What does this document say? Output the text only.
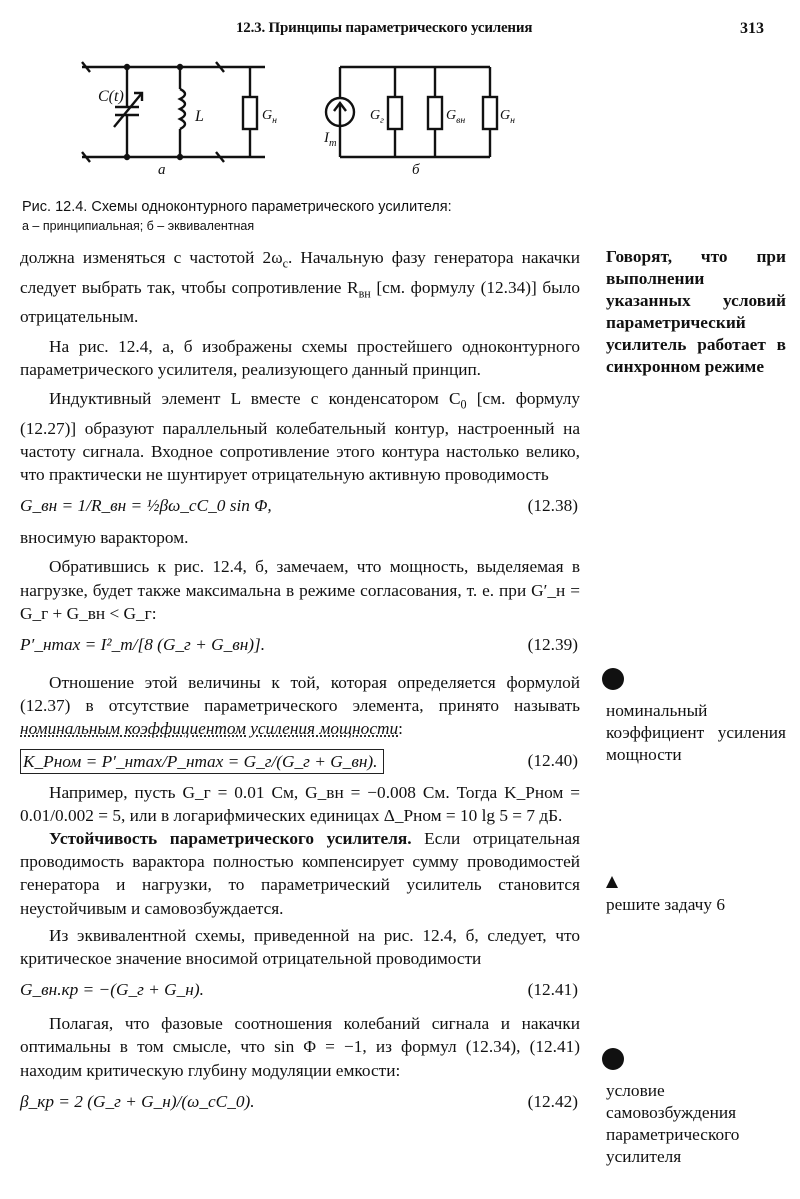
12.3. Принципы параметрического усиления	313
C(t)
L	$G_н$
a
$I_m$
$G_г$	$G_{вн}$ $G_н$
б
Рис. 12.4. Схемы одноконтурного параметрического усилителя:
а – принципиальная; б – эквивалентная

должна изменяться с частотой $2\omega_c$. Начальную фазу генератора накачки следует выбрать так, чтобы сопротивление $R_{вн}$ [см. формулу (12.34)] было отрицательным.

На рис. 12.4, а, б изображены схемы простейшего одноконтурного параметрического усилителя, реализующего данный принцип.

Индуктивный элемент L вместе с конденсатором $C_0$ [см. формулу (12.27)] образуют параллельный колебательный контур, настроенный на частоту сигнала. Входное сопротивление этого контура настолько велико, что практически не шунтирует отрицательную активную проводимость

G_вн = 1/R_вн = ½βω_cC_0 sin Φ,	(12.38)

вносимую варактором.

Обратившись к рис. 12.4, б, замечаем, что мощность, выделяемая в нагрузке, будет также максимальна в режиме согласования, т. е. при G′_н = G_г + G_вн < G_г:

P′_нmax = I²_m/[8 (G_г + G_вн)].	(12.39)

Отношение этой величины к той, которая определяется формулой (12.37) в отсутствие параметрического элемента, принято называть номинальным коэффициентом усиления мощности:

K_Pном = P′_нmax/P_нmax = G_г/(G_г + G_вн).	(12.40)

Например, пусть G_г = 0.01 См, G_вн = −0.008 См. Тогда K_Pном = 0.01/0.002 = 5, или в логарифмических единицах Δ_Pном = 10 lg 5 = 7 дБ.

Устойчивость параметрического усилителя. Если отрицательная проводимость варактора полностью компенсирует сумму проводимостей генератора и нагрузки, то параметрический усилитель становится неустойчивым и самовозбуждается.

Из эквивалентной схемы, приведенной на рис. 12.4, б, следует, что критическое значение вносимой отрицательной проводимости

G_вн.кр = −(G_г + G_н).	(12.41)

Полагая, что фазовые соотношения колебаний сигнала и накачки оптимальны в том смысле, что sin Φ = −1, из формул (12.34), (12.41) находим критическую глубину модуляции емкости:

β_кр = 2 (G_г + G_н)/(ω_cC_0).	(12.42)
Говорят, что при выполнении указанных условий параметрический усилитель работает в синхронном режиме
номинальный коэффициент усиления мощности
решите задачу 6
условие самовозбуждения параметрического усилителя
